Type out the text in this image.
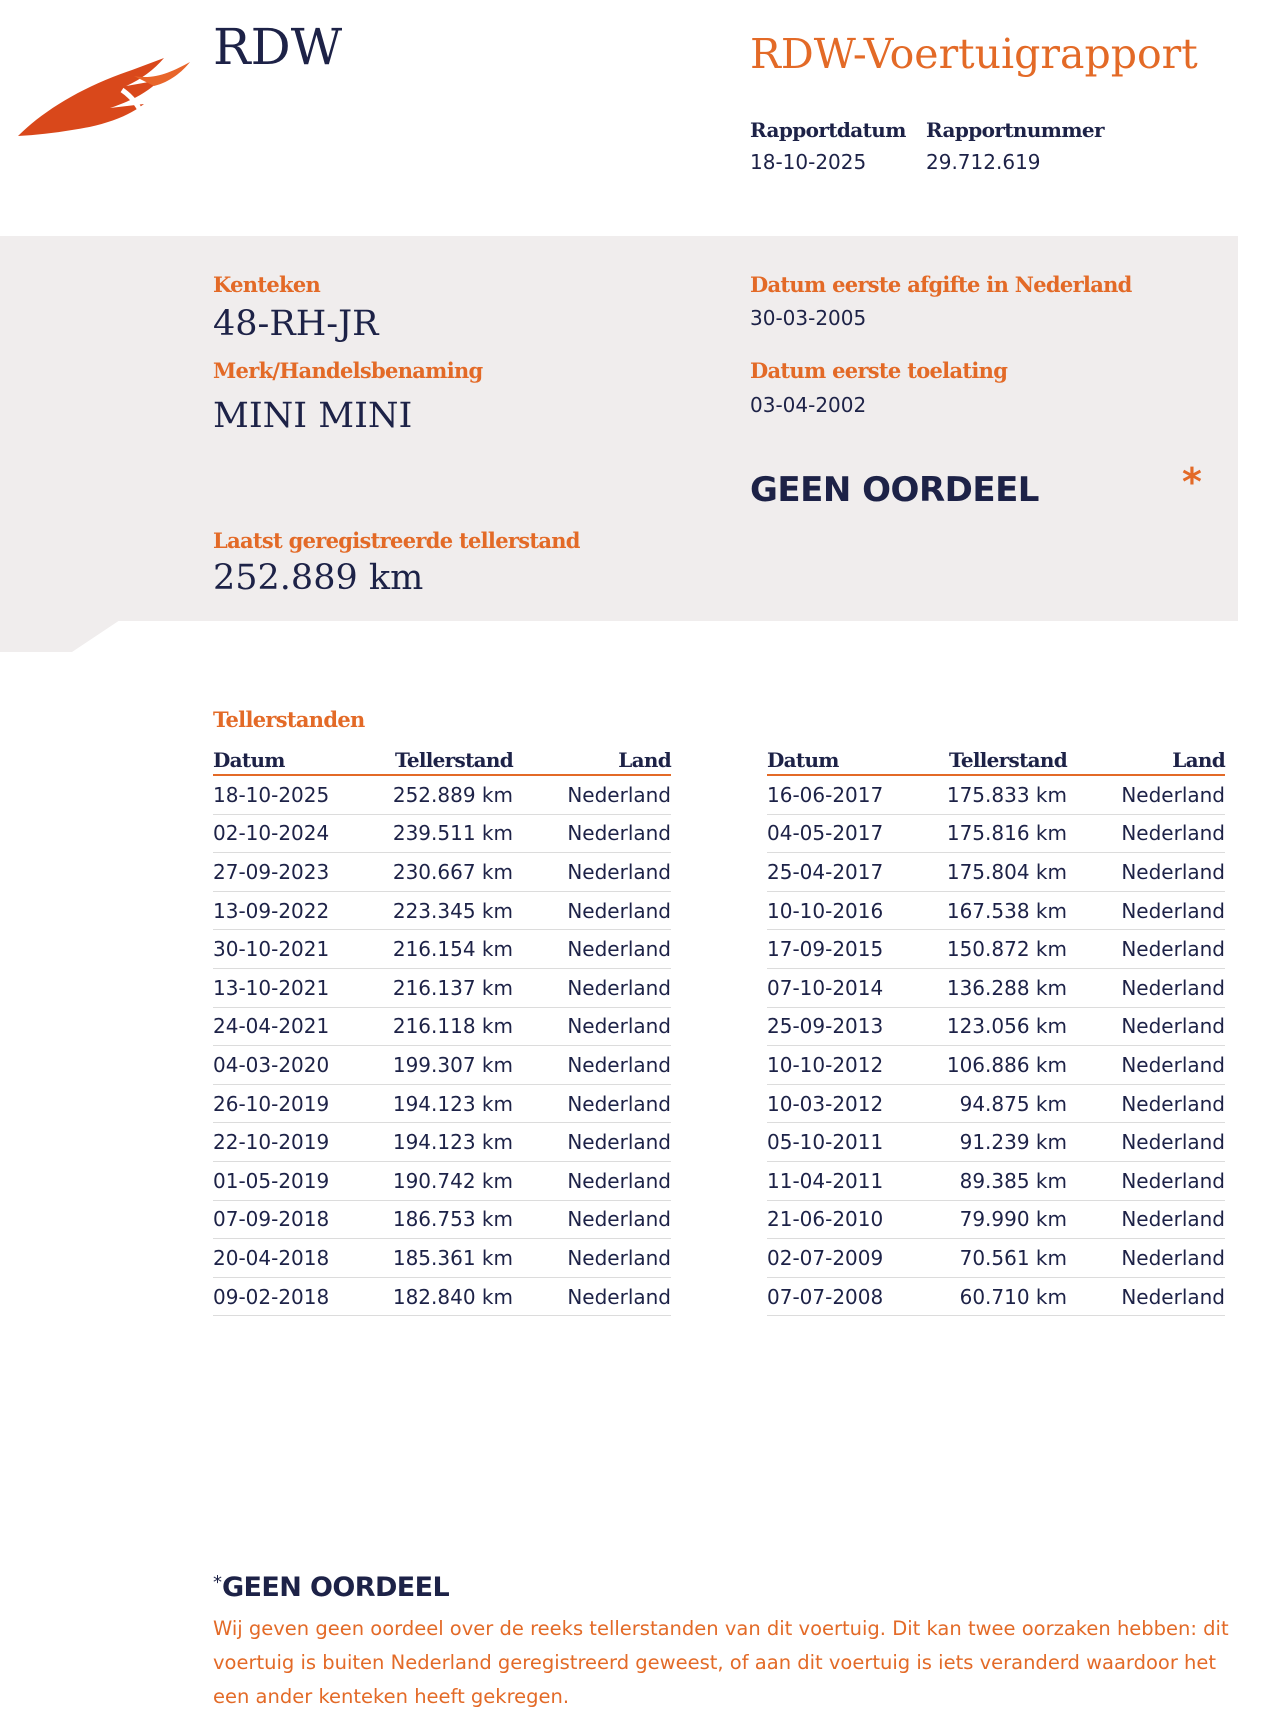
RDW	RDW-Voertuigrapport
Rapportdatum
18-10-2025
Rapportnummer
29.712.619
Kenteken
48-RH-JR
Merk/Handelsbenaming
MINI MINI
Datum eerste afgifte in Nederland
30-03-2005
Datum eerste toelating
03-04-2002
GEEN OORDEEL	*
Laatst geregistreerde tellerstand
252.889 km
Tellerstanden
Datum	Tellerstand	Land
18-10-2025	252.889 km	Nederland
02-10-2024	239.511 km	Nederland
27-09-2023	230.667 km	Nederland
13-09-2022	223.345 km	Nederland
30-10-2021	216.154 km	Nederland
13-10-2021	216.137 km	Nederland
24-04-2021	216.118 km	Nederland
04-03-2020	199.307 km	Nederland
26-10-2019	194.123 km	Nederland
22-10-2019	194.123 km	Nederland
01-05-2019	190.742 km	Nederland
07-09-2018	186.753 km	Nederland
20-04-2018	185.361 km	Nederland
09-02-2018	182.840 km	Nederland
Datum	Tellerstand	Land
16-06-2017	175.833 km	Nederland
04-05-2017	175.816 km	Nederland
25-04-2017	175.804 km	Nederland
10-10-2016	167.538 km	Nederland
17-09-2015	150.872 km	Nederland
07-10-2014	136.288 km	Nederland
25-09-2013	123.056 km	Nederland
10-10-2012	106.886 km	Nederland
10-03-2012	94.875 km	Nederland
05-10-2011	91.239 km	Nederland
11-04-2011	89.385 km	Nederland
21-06-2010	79.990 km	Nederland
02-07-2009	70.561 km	Nederland
07-07-2008	60.710 km	Nederland
*GEEN OORDEEL
Wij geven geen oordeel over de reeks tellerstanden van dit voertuig. Dit kan twee oorzaken hebben: dit voertuig is buiten Nederland geregistreerd geweest, of aan dit voertuig is iets veranderd waardoor het een ander kenteken heeft gekregen.
